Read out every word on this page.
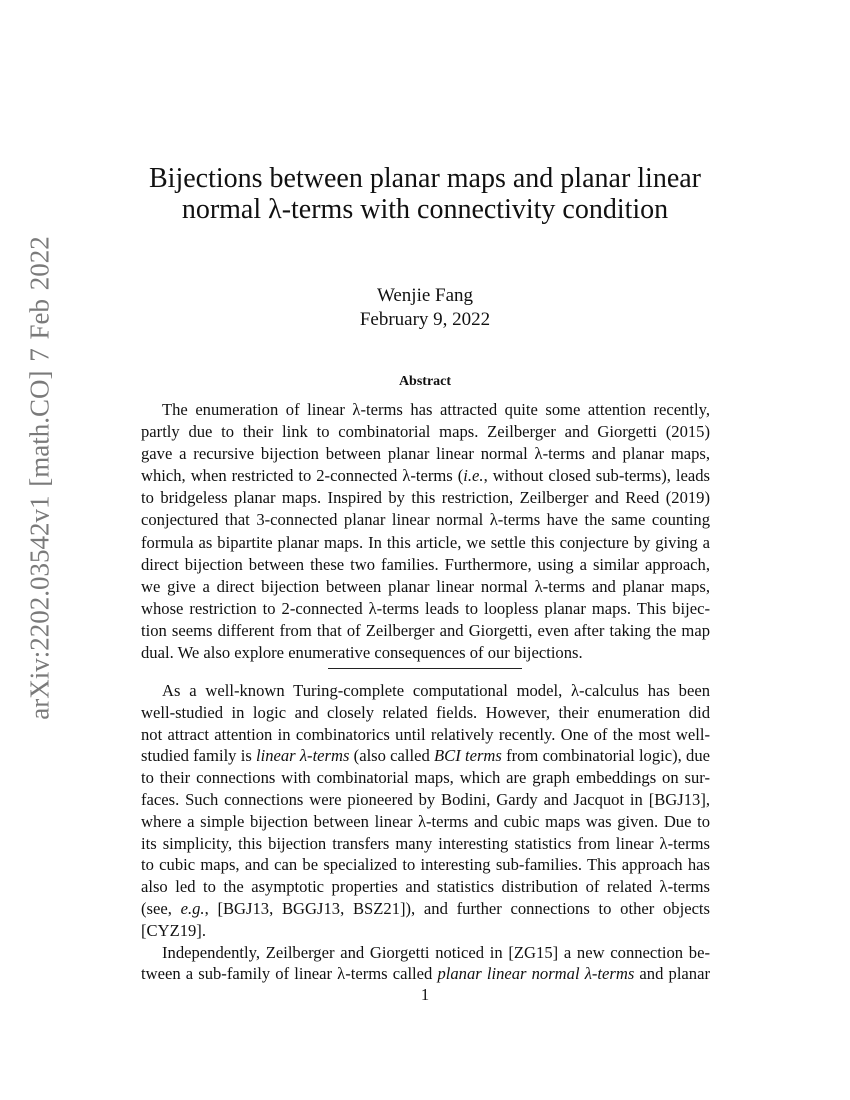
arXiv:2202.03542v1 [math.CO] 7 Feb 2022
Bijections between planar maps and planar linear
normal λ-terms with connectivity condition
Wenjie Fang
February 9, 2022
Abstract
The enumeration of linear λ-terms has attracted quite some attention recently,
partly due to their link to combinatorial maps. Zeilberger and Giorgetti (2015)
gave a recursive bijection between planar linear normal λ-terms and planar maps,
which, when restricted to 2-connected λ-terms (i.e., without closed sub-terms), leads
to bridgeless planar maps. Inspired by this restriction, Zeilberger and Reed (2019)
conjectured that 3-connected planar linear normal λ-terms have the same counting
formula as bipartite planar maps. In this article, we settle this conjecture by giving a
direct bijection between these two families. Furthermore, using a similar approach,
we give a direct bijection between planar linear normal λ-terms and planar maps,
whose restriction to 2-connected λ-terms leads to loopless planar maps. This bijec-
tion seems different from that of Zeilberger and Giorgetti, even after taking the map
dual. We also explore enumerative consequences of our bijections.
As a well-known Turing-complete computational model, λ-calculus has been
well-studied in logic and closely related fields. However, their enumeration did
not attract attention in combinatorics until relatively recently. One of the most well-
studied family is linear λ-terms (also called BCI terms from combinatorial logic), due
to their connections with combinatorial maps, which are graph embeddings on sur-
faces. Such connections were pioneered by Bodini, Gardy and Jacquot in [BGJ13],
where a simple bijection between linear λ-terms and cubic maps was given. Due to
its simplicity, this bijection transfers many interesting statistics from linear λ-terms
to cubic maps, and can be specialized to interesting sub-families. This approach has
also led to the asymptotic properties and statistics distribution of related λ-terms
(see, e.g., [BGJ13, BGGJ13, BSZ21]), and further connections to other objects [CYZ19].
Independently, Zeilberger and Giorgetti noticed in [ZG15] a new connection be-
tween a sub-family of linear λ-terms called planar linear normal λ-terms and planar
1
